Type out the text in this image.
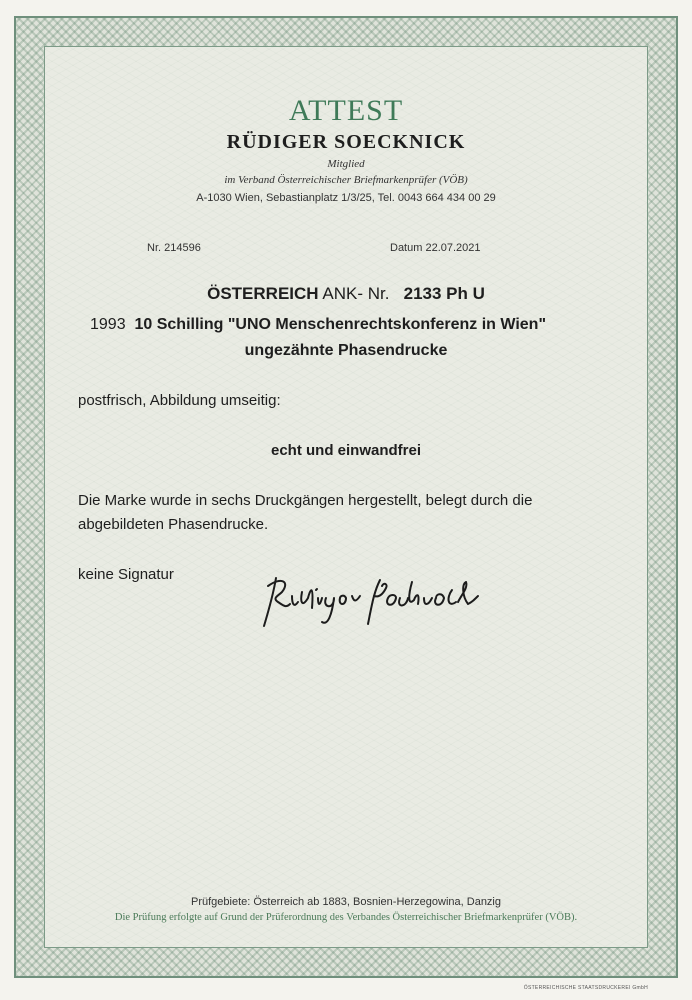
ATTEST
RÜDIGER SOECKNICK
Mitglied
im Verband Österreichischer Briefmarkenprüfer (VÖB)
A-1030 Wien, Sebastianplatz 1/3/25, Tel. 0043 664 434 00 29
Nr. 214596	Datum 22.07.2021
ÖSTERREICH ANK- Nr. 2133 Ph U
1993 10 Schilling "UNO Menschenrechtskonferenz in Wien"
ungezähnte Phasendrucke
postfrisch, Abbildung umseitig:
echt und einwandfrei
Die Marke wurde in sechs Druckgängen hergestellt, belegt durch die
abgebildeten Phasendrucke.
keine Signatur
Prüfgebiete: Österreich ab 1883, Bosnien-Herzegowina, Danzig
Die Prüfung erfolgte auf Grund der Prüferordnung des Verbandes Österreichischer Briefmarkenprüfer (VÖB).
ÖSTERREICHISCHE STAATSDRUCKEREI GmbH
